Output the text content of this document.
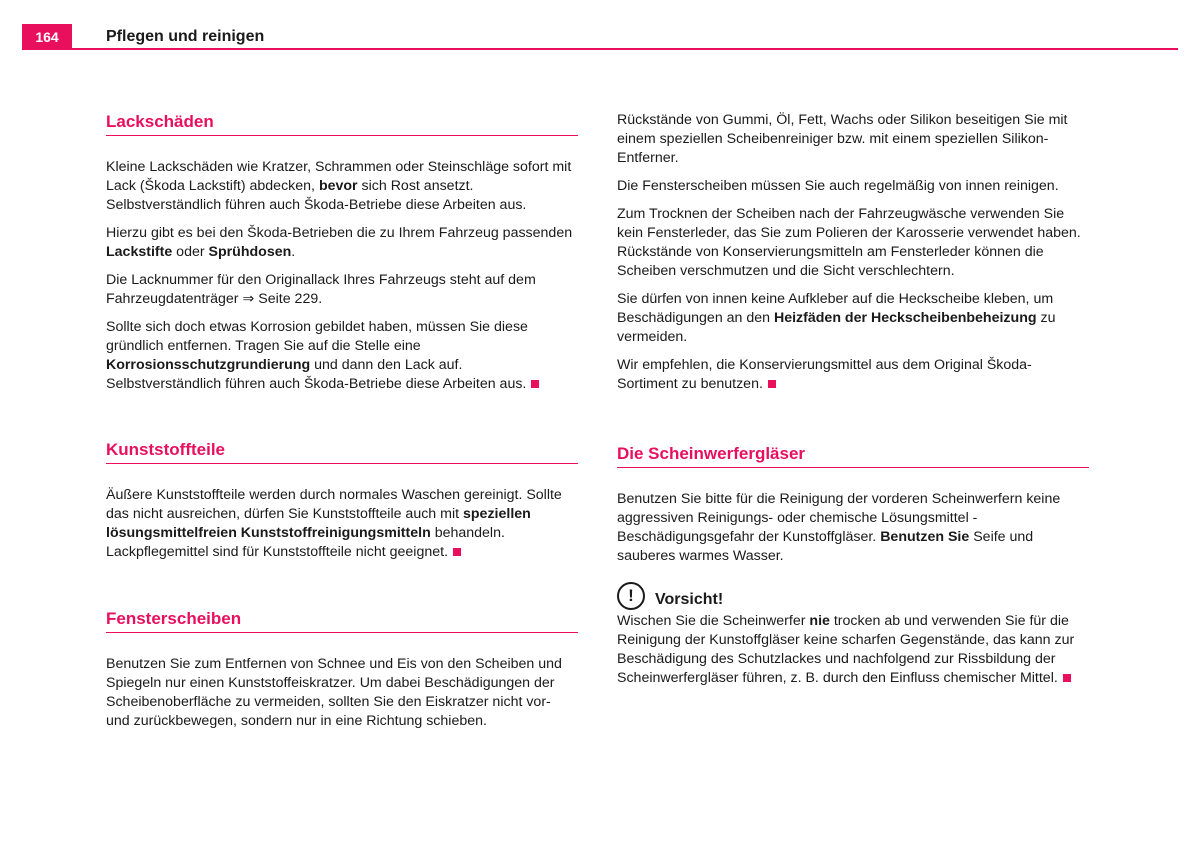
164	Pflegen und reinigen
Lackschäden

Kleine Lackschäden wie Kratzer, Schrammen oder Steinschläge sofort mit Lack (Škoda Lackstift) abdecken, bevor sich Rost ansetzt. Selbstverständlich führen auch Škoda-Betriebe diese Arbeiten aus.

Hierzu gibt es bei den Škoda-Betrieben die zu Ihrem Fahrzeug passenden Lackstifte oder Sprühdosen.

Die Lacknummer für den Originallack Ihres Fahrzeugs steht auf dem Fahrzeugdatenträger ⇒ Seite 229.

Sollte sich doch etwas Korrosion gebildet haben, müssen Sie diese gründlich entfernen. Tragen Sie auf die Stelle eine Korrosionsschutzgrundierung und dann den Lack auf. Selbstverständlich führen auch Škoda-Betriebe diese Arbeiten aus.

Kunststoffteile

Äußere Kunststoffteile werden durch normales Waschen gereinigt. Sollte das nicht ausreichen, dürfen Sie Kunststoffteile auch mit speziellen lösungsmittelfreien Kunststoffreinigungsmitteln behandeln. Lackpflegemittel sind für Kunststoffteile nicht geeignet.

Fensterscheiben

Benutzen Sie zum Entfernen von Schnee und Eis von den Scheiben und Spiegeln nur einen Kunststoffeiskratzer. Um dabei Beschädigungen der Scheibenoberfläche zu vermeiden, sollten Sie den Eiskratzer nicht vor- und zurückbewegen, sondern nur in eine Richtung schieben.

Rückstände von Gummi, Öl, Fett, Wachs oder Silikon beseitigen Sie mit einem speziellen Scheibenreiniger bzw. mit einem speziellen Silikon-Entferner.

Die Fensterscheiben müssen Sie auch regelmäßig von innen reinigen.

Zum Trocknen der Scheiben nach der Fahrzeugwäsche verwenden Sie kein Fensterleder, das Sie zum Polieren der Karosserie verwendet haben. Rückstände von Konservierungsmitteln am Fensterleder können die Scheiben verschmutzen und die Sicht verschlechtern.

Sie dürfen von innen keine Aufkleber auf die Heckscheibe kleben, um Beschädigungen an den Heizfäden der Heckscheibenbeheizung zu vermeiden.

Wir empfehlen, die Konservierungsmittel aus dem Original Škoda-Sortiment zu benutzen.

Die Scheinwerfergläser

Benutzen Sie bitte für die Reinigung der vorderen Scheinwerfern keine aggressiven Reinigungs- oder chemische Lösungsmittel - Beschädigungsgefahr der Kunstoffgläser. Benutzen Sie Seife und sauberes warmes Wasser.

!	Vorsicht!

Wischen Sie die Scheinwerfer nie trocken ab und verwenden Sie für die Reinigung der Kunstoffgläser keine scharfen Gegenstände, das kann zur Beschädigung des Schutzlackes und nachfolgend zur Rissbildung der Scheinwerfergläser führen, z. B. durch den Einfluss chemischer Mittel.
